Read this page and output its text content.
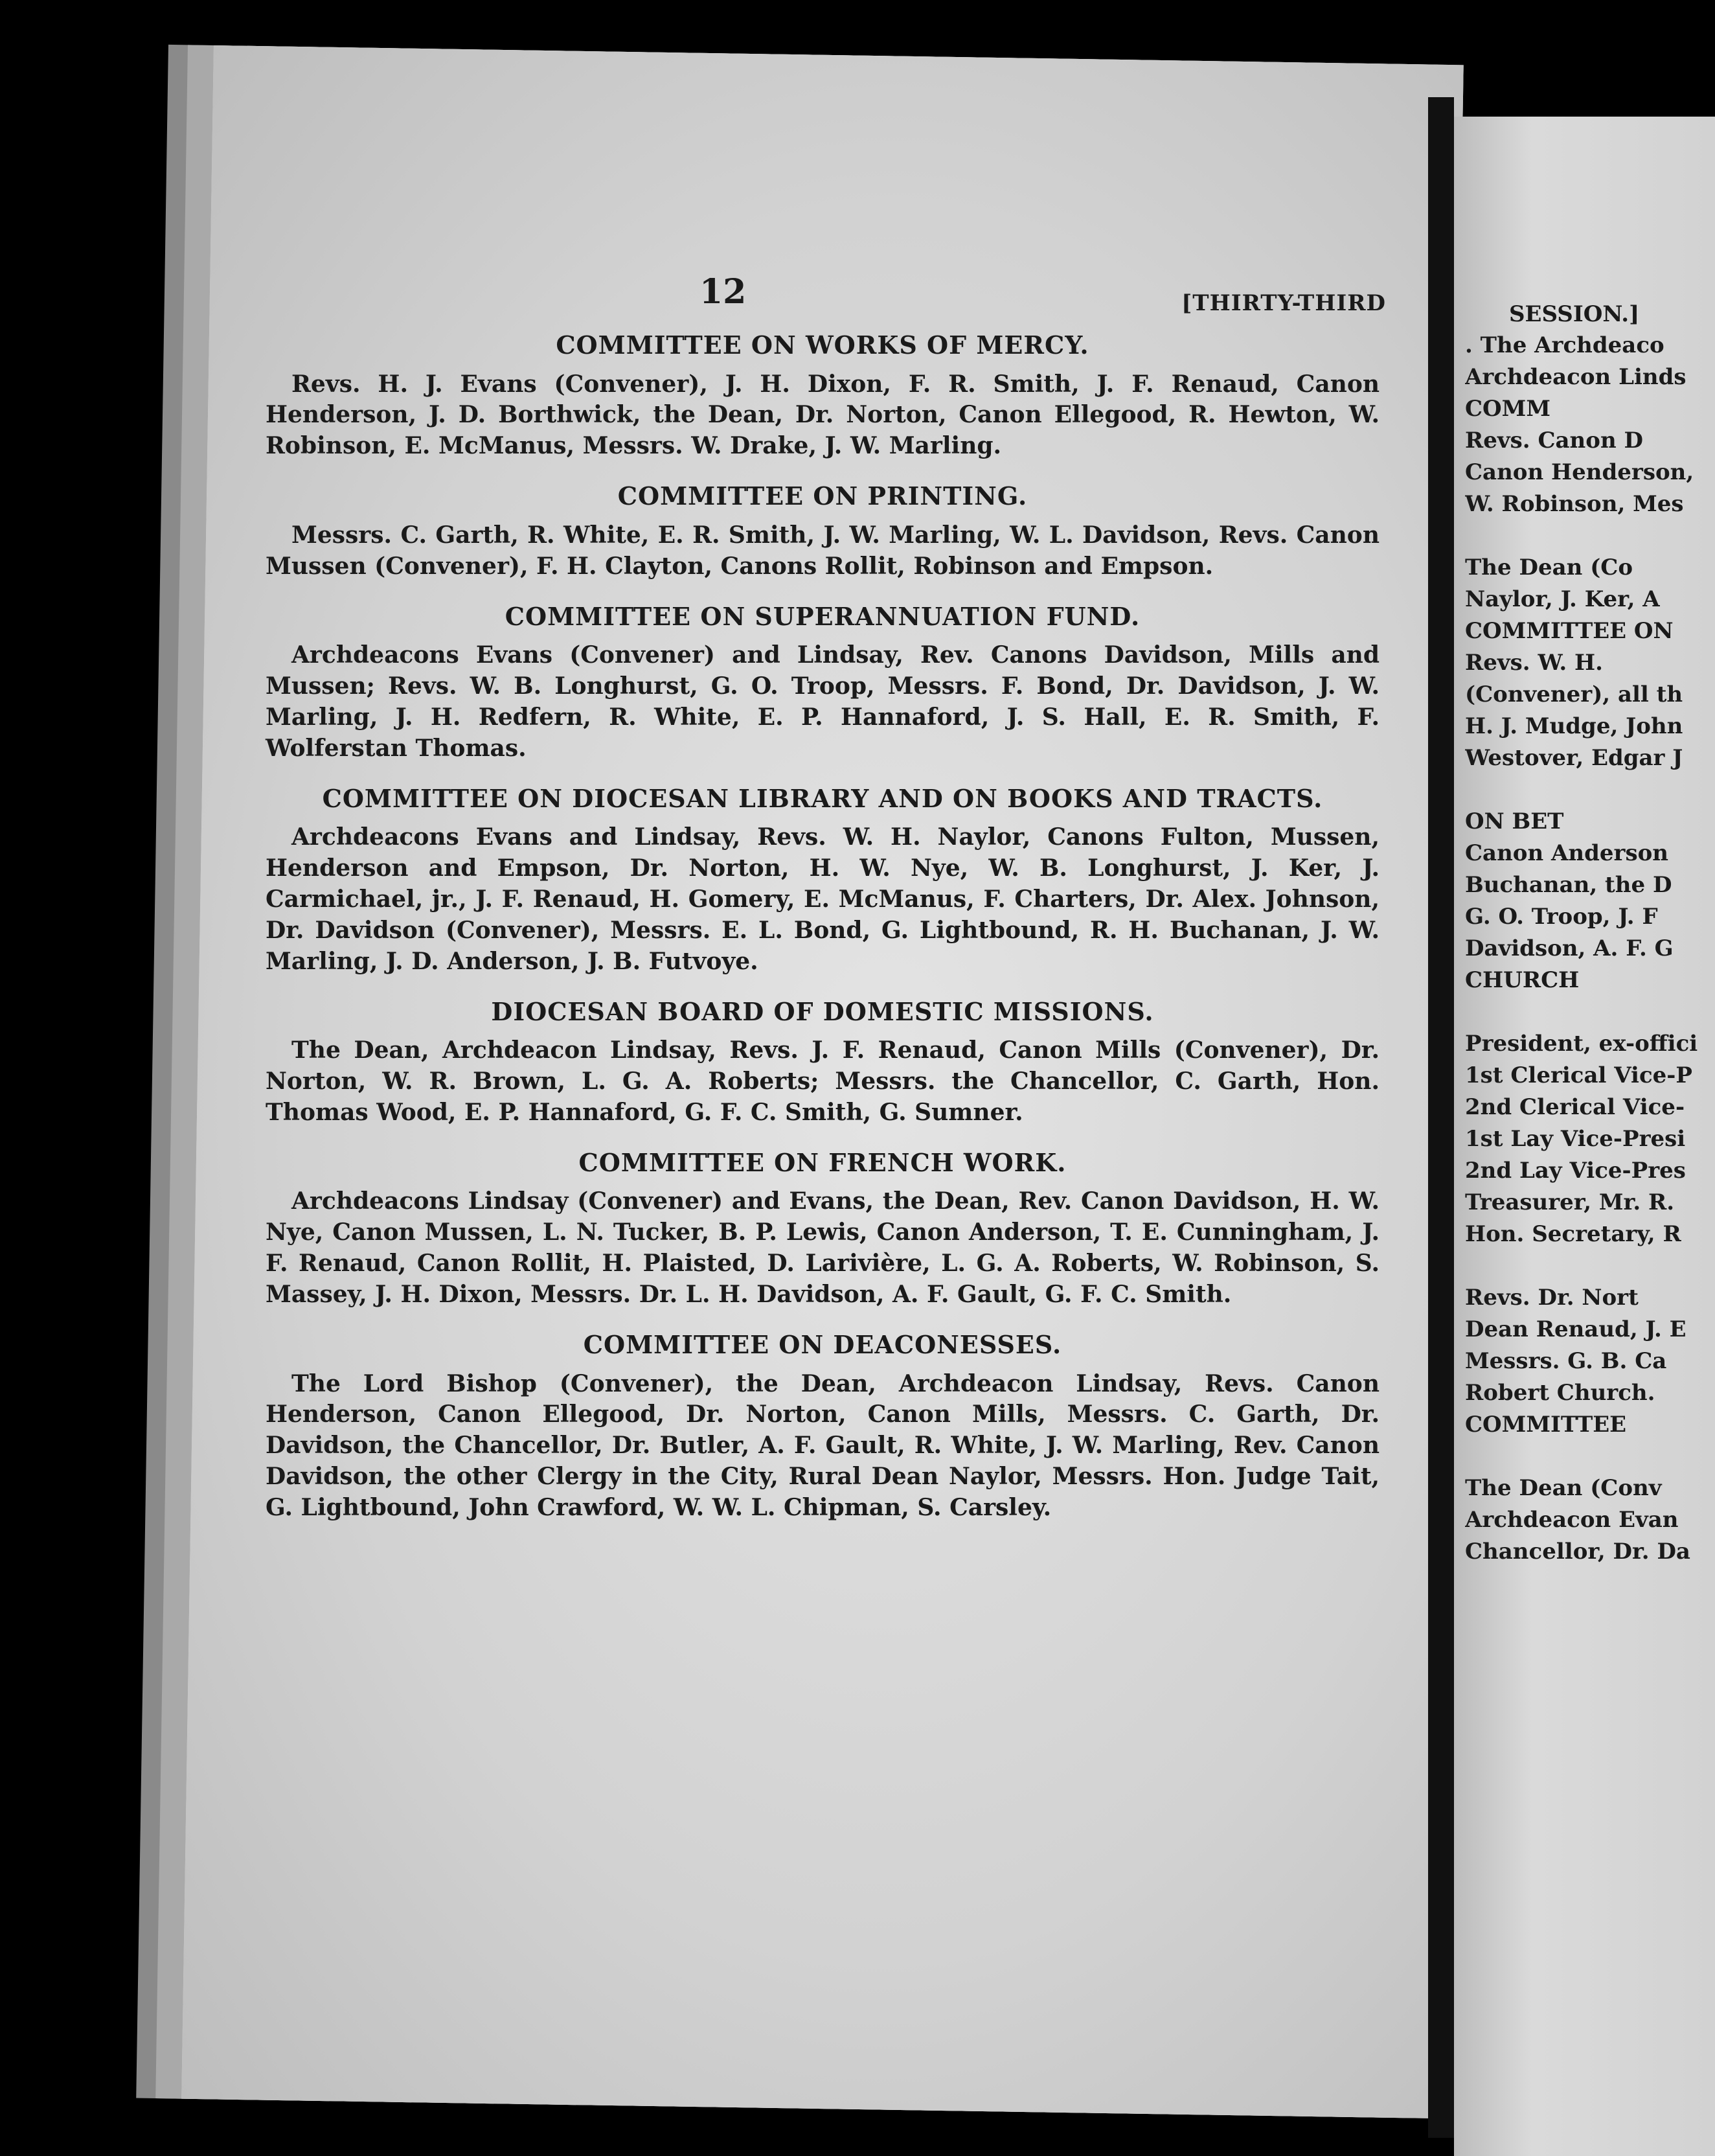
12	[THIRTY-THIRD
COMMITTEE ON WORKS OF MERCY.
Revs. H. J. Evans (Convener), J. H. Dixon, F. R. Smith, J. F. Renaud, Canon Henderson, J. D. Borthwick, the Dean, Dr. Norton, Canon Ellegood, R. Hewton, W. Robinson, E. McManus, Messrs. W. Drake, J. W. Marling.
COMMITTEE ON PRINTING.
Messrs. C. Garth, R. White, E. R. Smith, J. W. Marling, W. L. Davidson, Revs. Canon Mussen (Convener), F. H. Clayton, Canons Rollit, Robinson and Empson.
COMMITTEE ON SUPERANNUATION FUND.
Archdeacons Evans (Convener) and Lindsay, Rev. Canons Davidson, Mills and Mussen; Revs. W. B. Longhurst, G. O. Troop, Messrs. F. Bond, Dr. Davidson, J. W. Marling, J. H. Redfern, R. White, E. P. Hannaford, J. S. Hall, E. R. Smith, F. Wolferstan Thomas.
COMMITTEE ON DIOCESAN LIBRARY AND ON BOOKS AND TRACTS.
Archdeacons Evans and Lindsay, Revs. W. H. Naylor, Canons Fulton, Mussen, Henderson and Empson, Dr. Norton, H. W. Nye, W. B. Longhurst, J. Ker, J. Carmichael, jr., J. F. Renaud, H. Gomery, E. McManus, F. Charters, Dr. Alex. Johnson, Dr. Davidson (Convener), Messrs. E. L. Bond, G. Lightbound, R. H. Buchanan, J. W. Marling, J. D. Anderson, J. B. Futvoye.
DIOCESAN BOARD OF DOMESTIC MISSIONS.
The Dean, Archdeacon Lindsay, Revs. J. F. Renaud, Canon Mills (Convener), Dr. Norton, W. R. Brown, L. G. A. Roberts; Messrs. the Chancellor, C. Garth, Hon. Thomas Wood, E. P. Hannaford, G. F. C. Smith, G. Sumner.
COMMITTEE ON FRENCH WORK.
Archdeacons Lindsay (Convener) and Evans, the Dean, Rev. Canon Davidson, H. W. Nye, Canon Mussen, L. N. Tucker, B. P. Lewis, Canon Anderson, T. E. Cunningham, J. F. Renaud, Canon Rollit, H. Plaisted, D. Larivière, L. G. A. Roberts, W. Robinson, S. Massey, J. H. Dixon, Messrs. Dr. L. H. Davidson, A. F. Gault, G. F. C. Smith.
COMMITTEE ON DEACONESSES.
The Lord Bishop (Convener), the Dean, Archdeacon Lindsay, Revs. Canon Henderson, Canon Ellegood, Dr. Norton, Canon Mills, Messrs. C. Garth, Dr. Davidson, the Chancellor, Dr. Butler, A. F. Gault, R. White, J. W. Marling, Rev. Canon Davidson, the other Clergy in the City, Rural Dean Naylor, Messrs. Hon. Judge Tait, G. Lightbound, John Crawford, W. W. L. Chipman, S. Carsley.
SESSION.]
. The Archdeaco
Archdeacon Linds
COMM
Revs. Canon D
Canon Henderson,
W. Robinson, Mes
The Dean (Co
Naylor, J. Ker, A
COMMITTEE ON
Revs. W. H.
(Convener), all th
H. J. Mudge, John
Westover, Edgar J
ON BET
Canon Anderson
Buchanan, the D
G. O. Troop, J. F
Davidson, A. F. G
CHURCH
President, ex-offici
1st Clerical Vice-P
2nd Clerical Vice-
1st Lay Vice-Presi
2nd Lay Vice-Pres
Treasurer, Mr. R.
Hon. Secretary, R
Revs. Dr. Nort
Dean Renaud, J. E
Messrs. G. B. Ca
Robert Church.
COMMITTEE
The Dean (Conv
Archdeacon Evan
Chancellor, Dr. Da
